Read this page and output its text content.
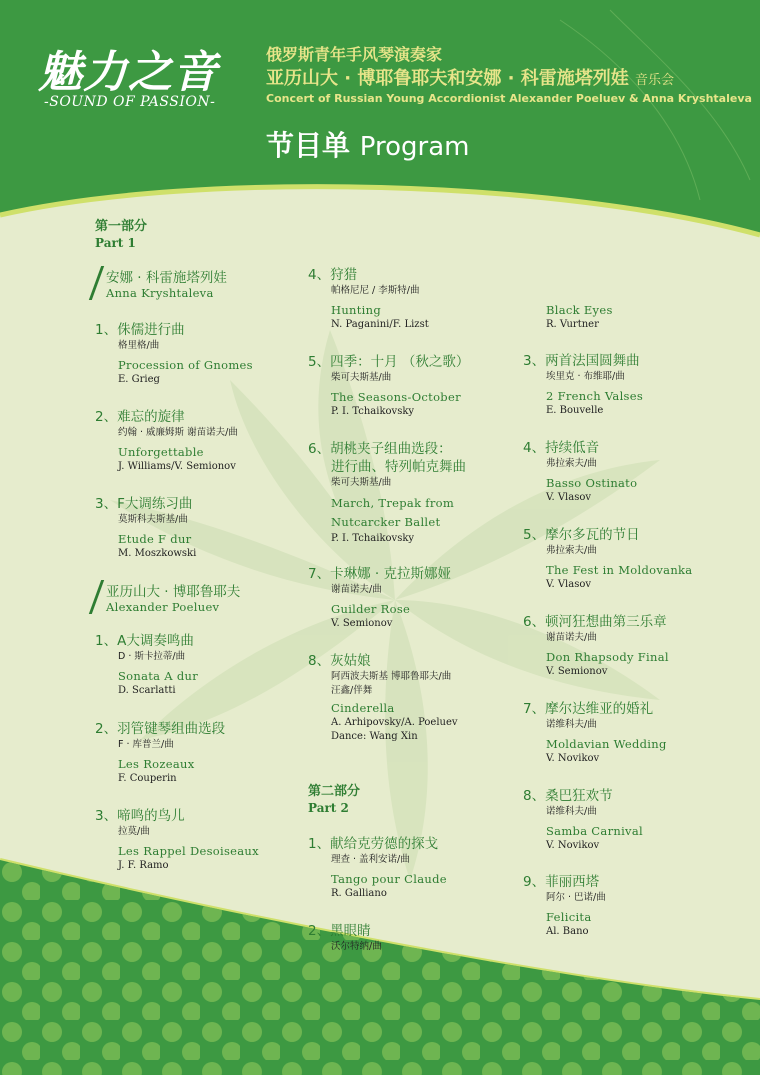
魅力之音
-SOUND OF PASSION-
俄罗斯青年手风琴演奏家
亚历山大 · 博耶鲁耶夫和安娜 · 科雷施塔列娃 音乐会
Concert of Russian Young Accordionist Alexander Poeluev & Anna Kryshtaleva
节目单 Program
第一部分
Part 1
安娜 · 科雷施塔列娃
Anna Kryshtaleva
1、侏儒进行曲
格里格/曲
Procession of Gnomes
E. Grieg
2、难忘的旋律
约翰 · 威廉姆斯 谢苗诺夫/曲
Unforgettable
J. Williams/V. Semionov
3、F大调练习曲
莫斯科夫斯基/曲
Etude F dur
M. Moszkowski
亚历山大 · 博耶鲁耶夫
Alexander Poeluev
1、A大调奏鸣曲
D · 斯卡拉蒂/曲
Sonata A dur
D. Scarlatti
2、羽管键琴组曲选段
F · 库普兰/曲
Les Rozeaux
F. Couperin
3、啼鸣的鸟儿
拉莫/曲
Les Rappel Desoiseaux
J. F. Ramo
4、狩猎
帕格尼尼 / 李斯特/曲
Hunting
N. Paganini/F. Lizst
5、四季：十月 （秋之歌）
柴可夫斯基/曲
The Seasons-October
P. I. Tchaikovsky
6、胡桃夹子组曲选段：
进行曲、特列帕克舞曲
柴可夫斯基/曲
March, Trepak from
Nutcarcker Ballet
P. I. Tchaikovsky
7、卡琳娜 · 克拉斯娜娅
谢苗诺夫/曲
Guilder Rose
V. Semionov
8、灰姑娘
阿西波夫斯基 博耶鲁耶夫/曲
汪鑫/伴舞
Cinderella
A. Arhipovsky/A. Poeluev
Dance: Wang Xin
第二部分
Part 2
1、献给克劳德的探戈
理查 · 盖利安诺/曲
Tango pour Claude
R. Galliano
2、黑眼睛
沃尔特纳/曲
Black Eyes
R. Vurtner
3、两首法国圆舞曲
埃里克 · 布维耶/曲
2 French Valses
E. Bouvelle
4、持续低音
弗拉索夫/曲
Basso Ostinato
V. Vlasov
5、摩尔多瓦的节日
弗拉索夫/曲
The Fest in Moldovanka
V. Vlasov
6、顿河狂想曲第三乐章
谢苗诺夫/曲
Don Rhapsody Final
V. Semionov
7、摩尔达维亚的婚礼
诺维科夫/曲
Moldavian Wedding
V. Novikov
8、桑巴狂欢节
诺维科夫/曲
Samba Carnival
V. Novikov
9、菲丽西塔
阿尔 · 巴诺/曲
Felicita
Al. Bano
